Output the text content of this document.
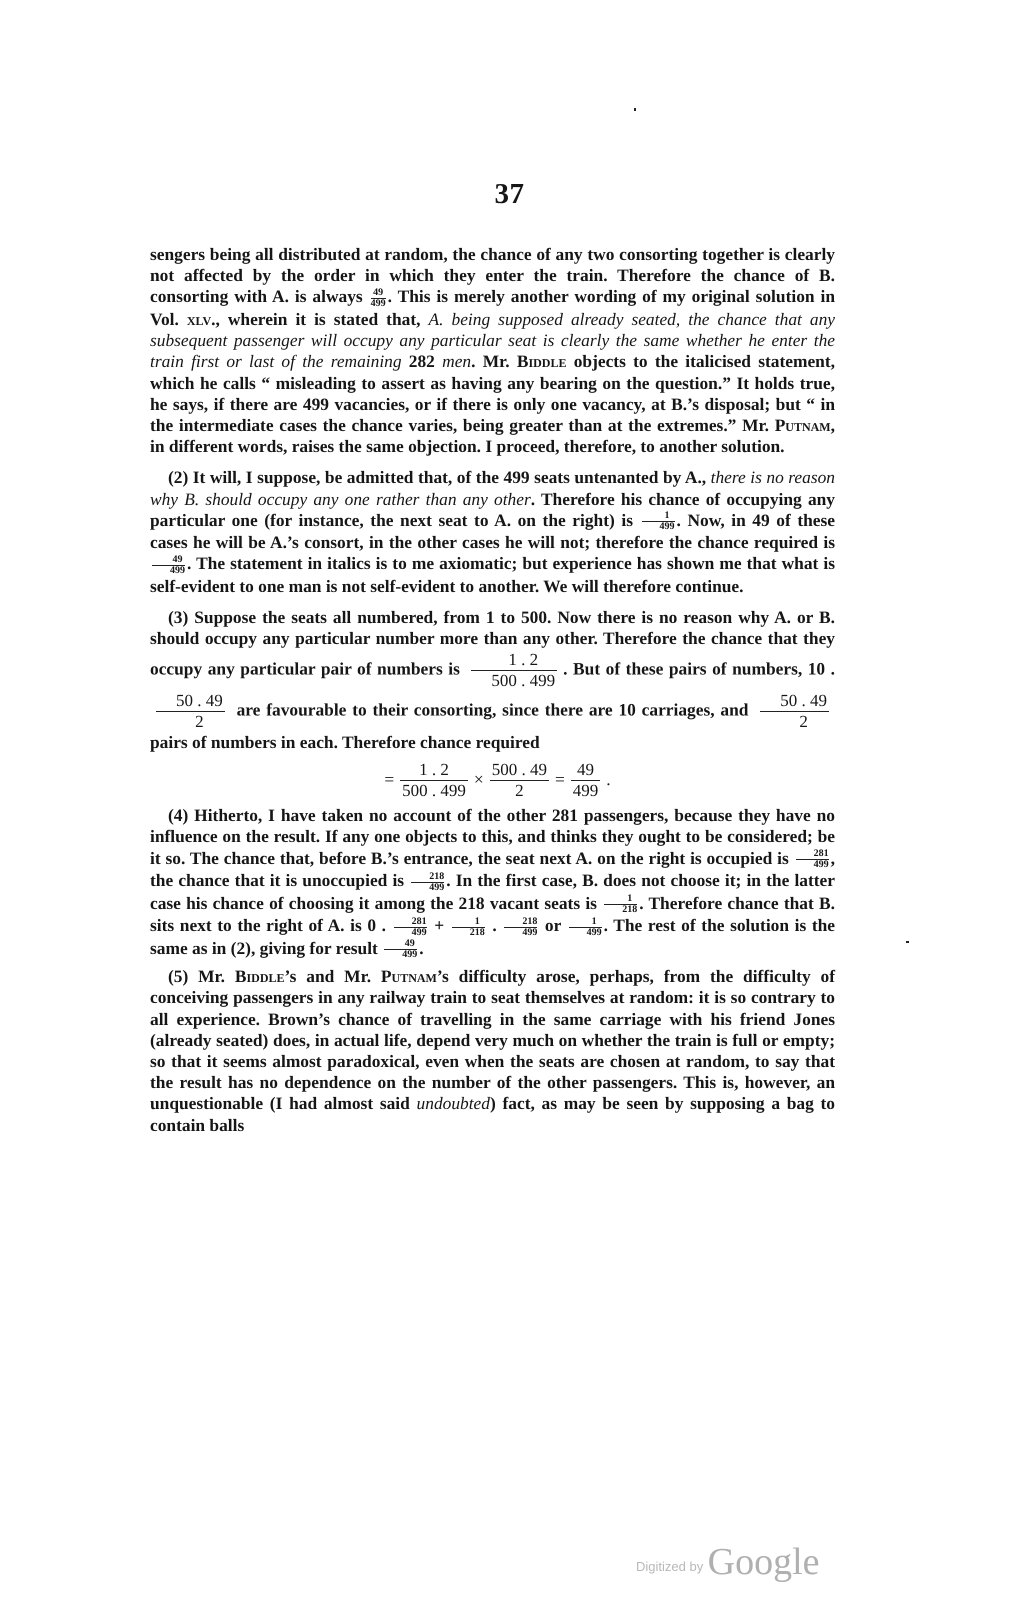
37

sengers being all distributed at random, the chance of any two consorting together is clearly not affected by the order in which they enter the train. Therefore the chance of B. consorting with A. is always $\frac{49}{499}$ . This is merely another wording of my original solution in Vol. xlv., wherein it is stated that, A. being supposed already seated, the chance that any subsequent passenger will occupy any particular seat is clearly the same whether he enter the train first or last of the remaining 282 men. Mr. Biddle objects to the italicised statement, which he calls “ misleading to assert as having any bearing on the question.” It holds true, he says, if there are 499 vacancies, or if there is only one vacancy, at B.’s disposal; but “ in the intermediate cases the chance varies, being greater than at the extremes.” Mr. Putnam, in different words, raises the same objection. I proceed, therefore, to another solution.

(2) It will, I suppose, be admitted that, of the 499 seats untenanted by A., there is no reason why B. should occupy any one rather than any other. Therefore his chance of occupying any particular one (for instance, the next seat to A. on the right) is $\frac{1}{499}$ . Now, in 49 of these cases he will be A.’s consort, in the other cases he will not; therefore the chance required is
$\frac{49}{499}$ . The statement in italics is to me axiomatic; but experience has shown me that what is self-evident to one man is not self-evident to another. We will therefore continue.

(3) Suppose the seats all numbered, from 1 to 500. Now there is no reason why A. or B. should occupy any particular number more than any other. Therefore the chance that they occupy any particular pair of numbers is $\frac{1 . 2}{500 . 499}$ . But of these pairs of numbers, 10 .
$\frac{50 . 49}{2}$ are favourable to their consorting, since there are 10 carriages, and $\frac{50 . 49}{2}$
pairs of numbers in each. Therefore chance required

= $\frac{1 . 2}{500 . 499} \times \frac{500 . 49}{2} = \frac{49}{499}$ .

(4) Hitherto, I have taken no account of the other 281 passengers, because they have no influence on the result. If any one objects to this, and thinks they ought to be considered; be it so. The chance that, before B.’s entrance, the seat next A. on the right is occupied is $\frac{281}{499}$ , the chance that it is unoccupied is $\frac{218}{499}$ . In the first case, B. does not choose it; in the latter case his chance of choosing it among the 218 vacant seats is $\frac{1}{218}$ . Therefore chance that B. sits next to the right of A. is 0 . $\frac{281}{499} + \frac{1}{218}$ . $\frac{218}{499}$ or $\frac{1}{499}$ . The rest of the solution is the same as in (2), giving for result $\frac{49}{499}$ .

(5) Mr. Biddle’s and Mr. Putnam’s difficulty arose, perhaps, from the difficulty of conceiving passengers in any railway train to seat themselves at random: it is so contrary to all experience. Brown’s chance of travelling in the same carriage with his friend Jones (already seated) does, in actual life, depend very much on whether the train is full or empty; so that it seems almost paradoxical, even when the seats are chosen at random, to say that the result has no dependence on the number of the other passengers. This is, however, an unquestionable (I had almost said undoubted) fact, as may be seen by supposing a bag to contain balls

Digitized by Google
